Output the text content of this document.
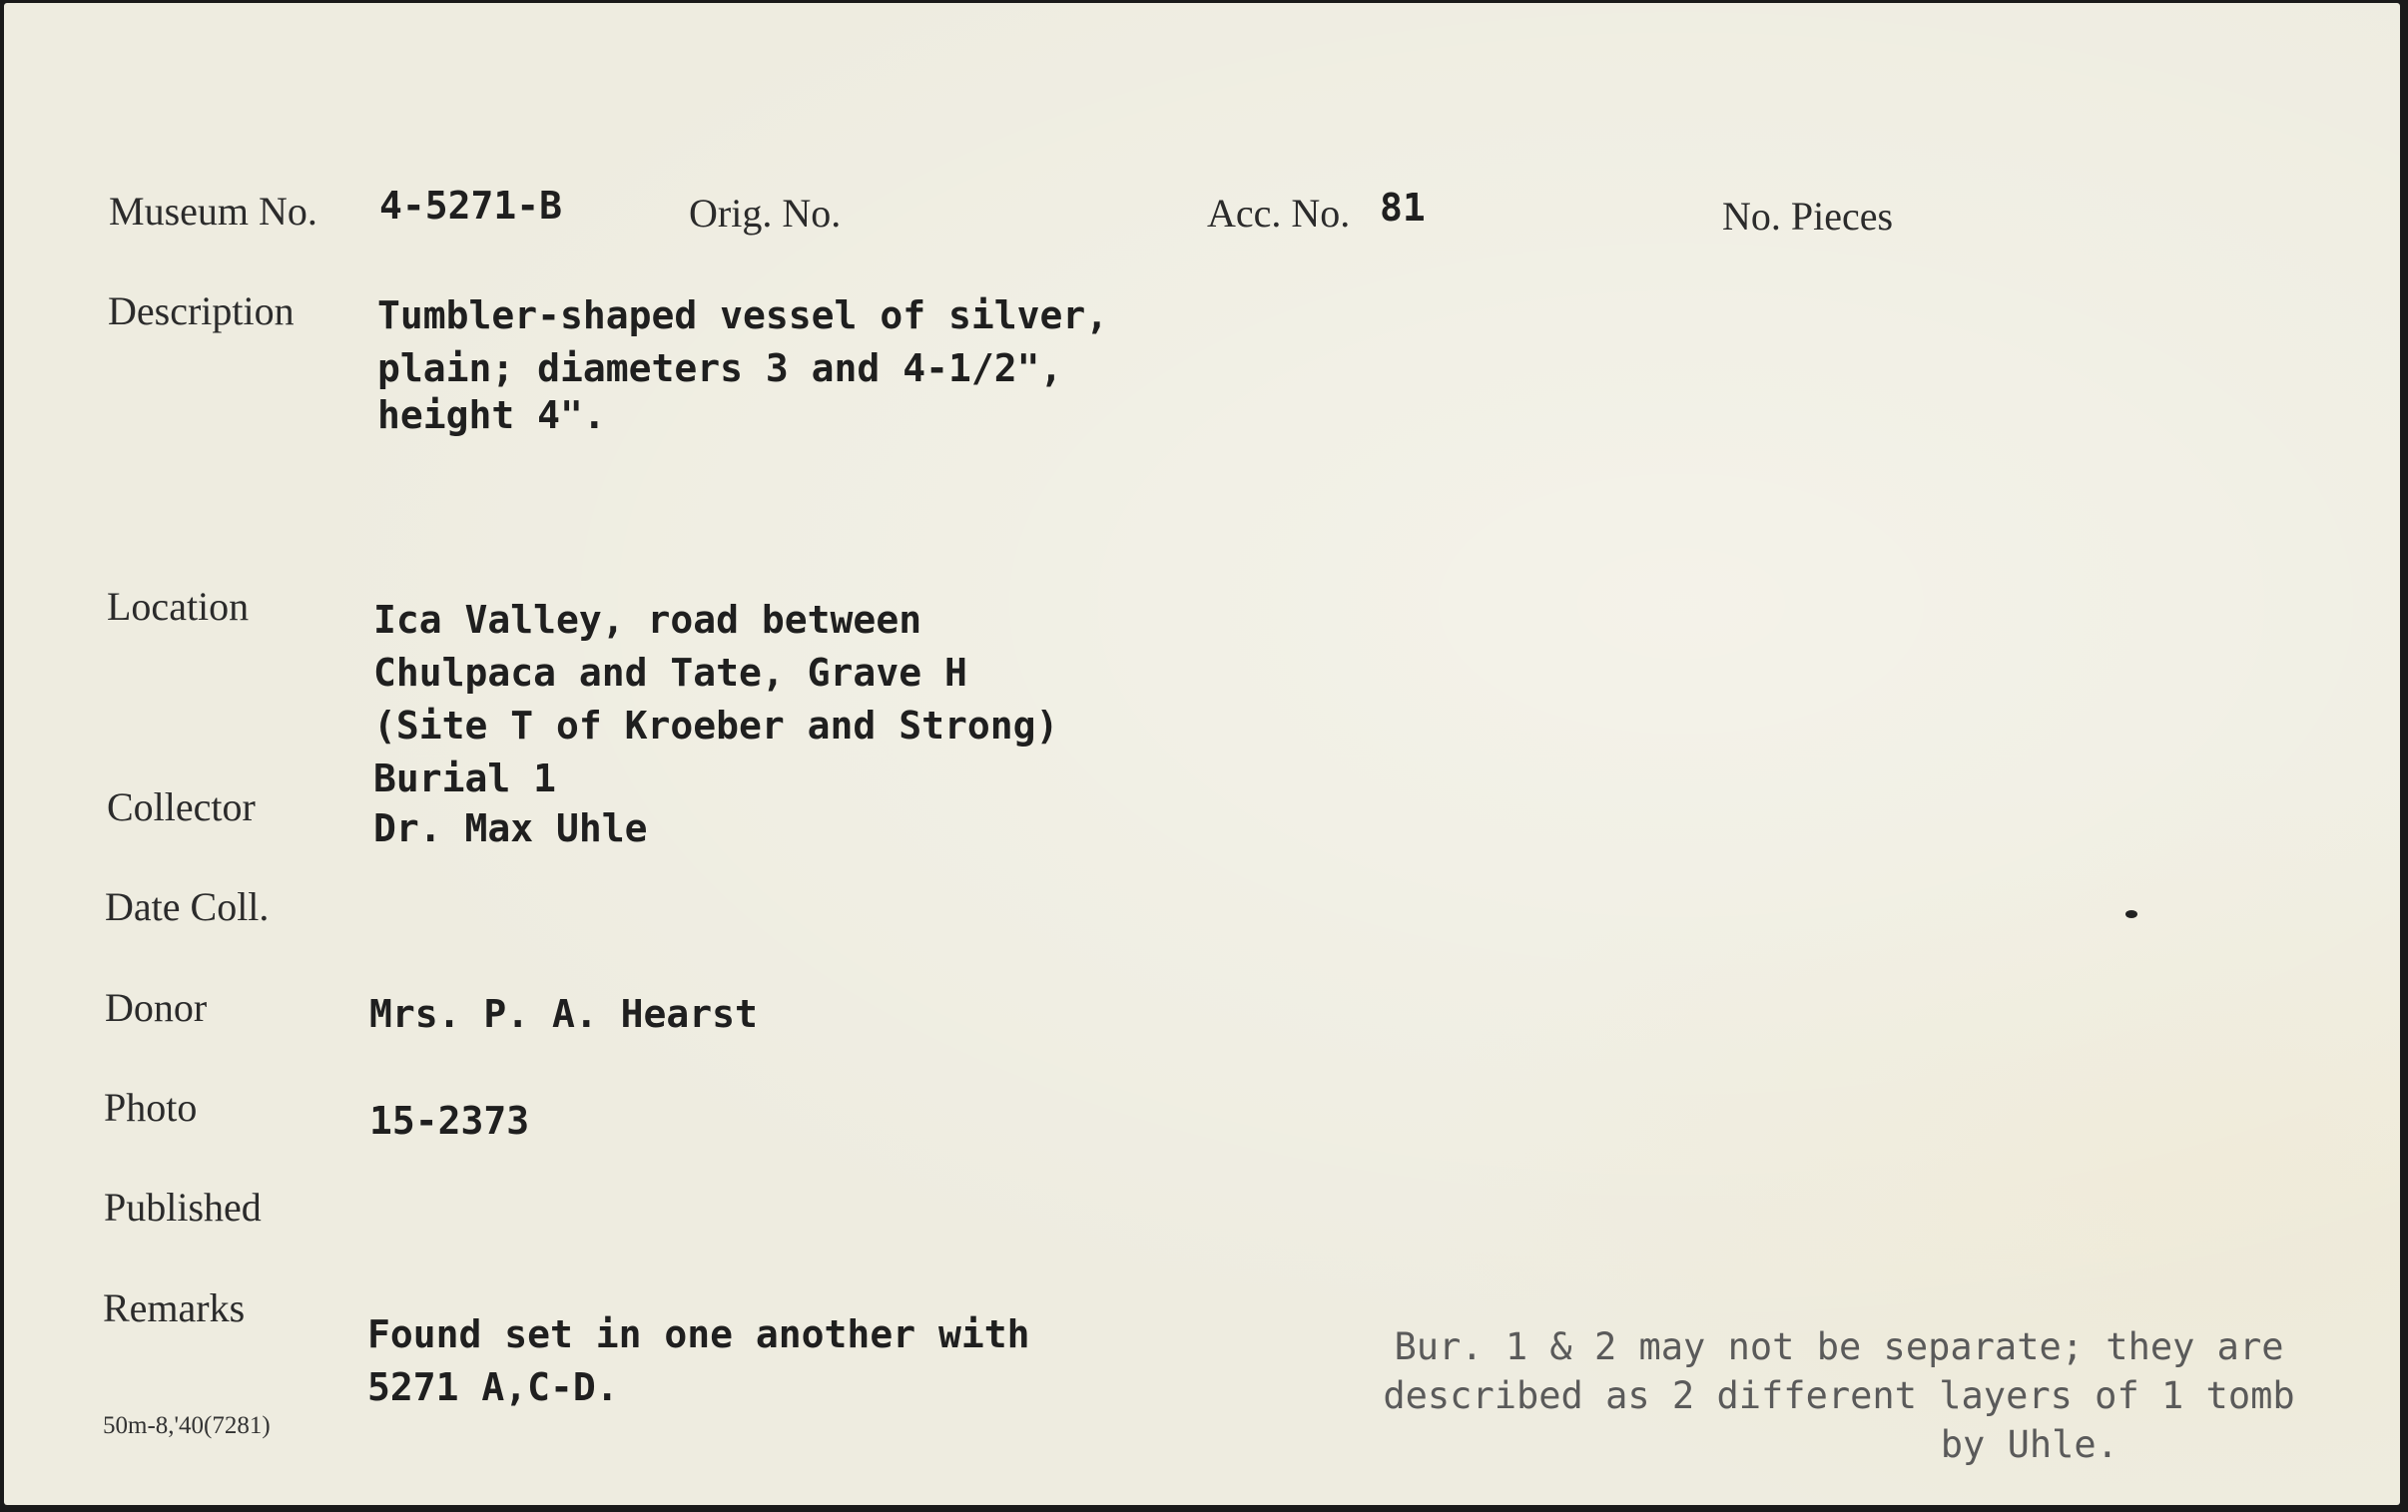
Museum No. 4-5271-B	Orig. No.	Acc. No. 81	No. Pieces
Description Tumbler-shaped vessel of silver,
plain; diameters 3 and 4-1/2",
height 4".
Location	Ica Valley, road between
Chulpaca and Tate, Grave H
(Site T of Kroeber and Strong)
Burial 1
Collector	Dr. Max Uhle
Date Coll.
Donor	Mrs. P. A. Hearst
Photo	15-2373
Published
Remarks
Found set in one another with
5271 A,C-D.
Bur. 1 & 2 may not be separate; they are
described as 2 different layers of 1 tomb
by Uhle.
50m-8,'40(7281)
